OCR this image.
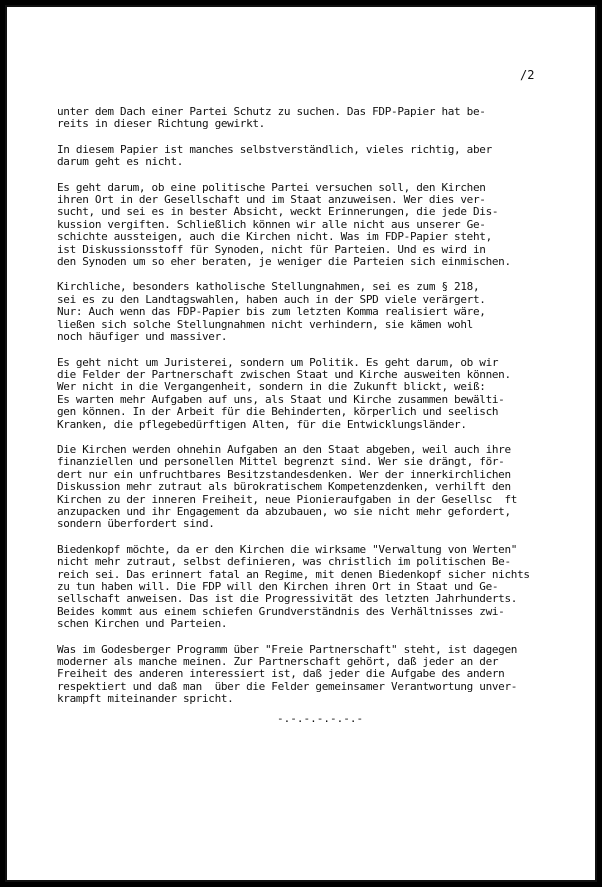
/2

unter dem Dach einer Partei Schutz zu suchen. Das FDP-Papier hat be-
reits in dieser Richtung gewirkt.

In diesem Papier ist manches selbstverständlich, vieles richtig, aber
darum geht es nicht.

Es geht darum, ob eine politische Partei versuchen soll, den Kirchen
ihren Ort in der Gesellschaft und im Staat anzuweisen. Wer dies ver-
sucht, und sei es in bester Absicht, weckt Erinnerungen, die jede Dis-
kussion vergiften. Schließlich können wir alle nicht aus unserer Ge-
schichte aussteigen, auch die Kirchen nicht. Was im FDP-Papier steht,
ist Diskussionsstoff für Synoden, nicht für Parteien. Und es wird in
den Synoden um so eher beraten, je weniger die Parteien sich einmischen.

Kirchliche, besonders katholische Stellungnahmen, sei es zum § 218,
sei es zu den Landtagswahlen, haben auch in der SPD viele verärgert.
Nur: Auch wenn das FDP-Papier bis zum letzten Komma realisiert wäre,
ließen sich solche Stellungnahmen nicht verhindern, sie kämen wohl
noch häufiger und massiver.

Es geht nicht um Juristerei, sondern um Politik. Es geht darum, ob wir
die Felder der Partnerschaft zwischen Staat und Kirche ausweiten können.
Wer nicht in die Vergangenheit, sondern in die Zukunft blickt, weiß:
Es warten mehr Aufgaben auf uns, als Staat und Kirche zusammen bewälti-
gen können. In der Arbeit für die Behinderten, körperlich und seelisch
Kranken, die pflegebedürftigen Alten, für die Entwicklungsländer.

Die Kirchen werden ohnehin Aufgaben an den Staat abgeben, weil auch ihre
finanziellen und personellen Mittel begrenzt sind. Wer sie drängt, för-
dert nur ein unfruchtbares Besitzstandesdenken. Wer der innerkirchlichen
Diskussion mehr zutraut als bürokratischem Kompetenzdenken, verhilft den
Kirchen zu der inneren Freiheit, neue Pionieraufgaben in der Gesellsc  ft
anzupacken und ihr Engagement da abzubauen, wo sie nicht mehr gefordert,
sondern überfordert sind.

Biedenkopf möchte, da er den Kirchen die wirksame "Verwaltung von Werten"
nicht mehr zutraut, selbst definieren, was christlich im politischen Be-
reich sei. Das erinnert fatal an Regime, mit denen Biedenkopf sicher nichts
zu tun haben will. Die FDP will den Kirchen ihren Ort in Staat und Ge-
sellschaft anweisen. Das ist die Progressivität des letzten Jahrhunderts.
Beides kommt aus einem schiefen Grundverständnis des Verhältnisses zwi-
schen Kirchen und Parteien.

Was im Godesberger Programm über "Freie Partnerschaft" steht, ist dagegen
moderner als manche meinen. Zur Partnerschaft gehört, daß jeder an der
Freiheit des anderen interessiert ist, daß jeder die Aufgabe des andern
respektiert und daß man  über die Felder gemeinsamer Verantwortung unver-
krampft miteinander spricht.

-.-.-.-.-.-.-
